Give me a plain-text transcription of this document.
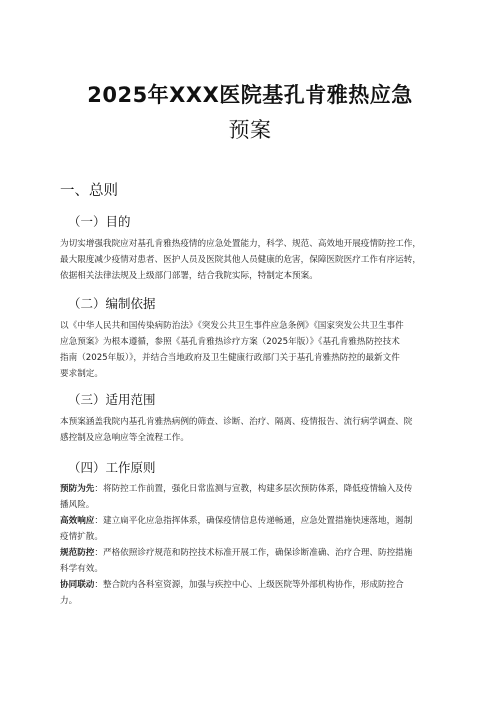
2025年XXX医院基孔肯雅热应急
预案
一、总则
（一）目的
为切实增强我院应对基孔肯雅热疫情的应急处置能力，科学、规范、高效地开展疫情防控工作，
最大限度减少疫情对患者、医护人员及医院其他人员健康的危害，保障医院医疗工作有序运转，
依据相关法律法规及上级部门部署，结合我院实际，特制定本预案。
（二）编制依据
以《中华人民共和国传染病防治法》《突发公共卫生事件应急条例》《国家突发公共卫生事件
应急预案》为根本遵循，参照《基孔肯雅热诊疗方案（2025年版）》《基孔肯雅热防控技术
指南（2025年版）》，并结合当地政府及卫生健康行政部门关于基孔肯雅热防控的最新文件
要求制定。
（三）适用范围
本预案涵盖我院内基孔肯雅热病例的筛查、诊断、治疗、隔离、疫情报告、流行病学调查、院
感控制及应急响应等全流程工作。
（四）工作原则
预防为先：将防控工作前置，强化日常监测与宣教，构建多层次预防体系，降低疫情输入及传
播风险。
高效响应：建立扁平化应急指挥体系，确保疫情信息传递畅通，应急处置措施快速落地，遏制
疫情扩散。
规范防控：严格依照诊疗规范和防控技术标准开展工作，确保诊断准确、治疗合理、防控措施
科学有效。
协同联动：整合院内各科室资源，加强与疾控中心、上级医院等外部机构协作，形成防控合
力。
